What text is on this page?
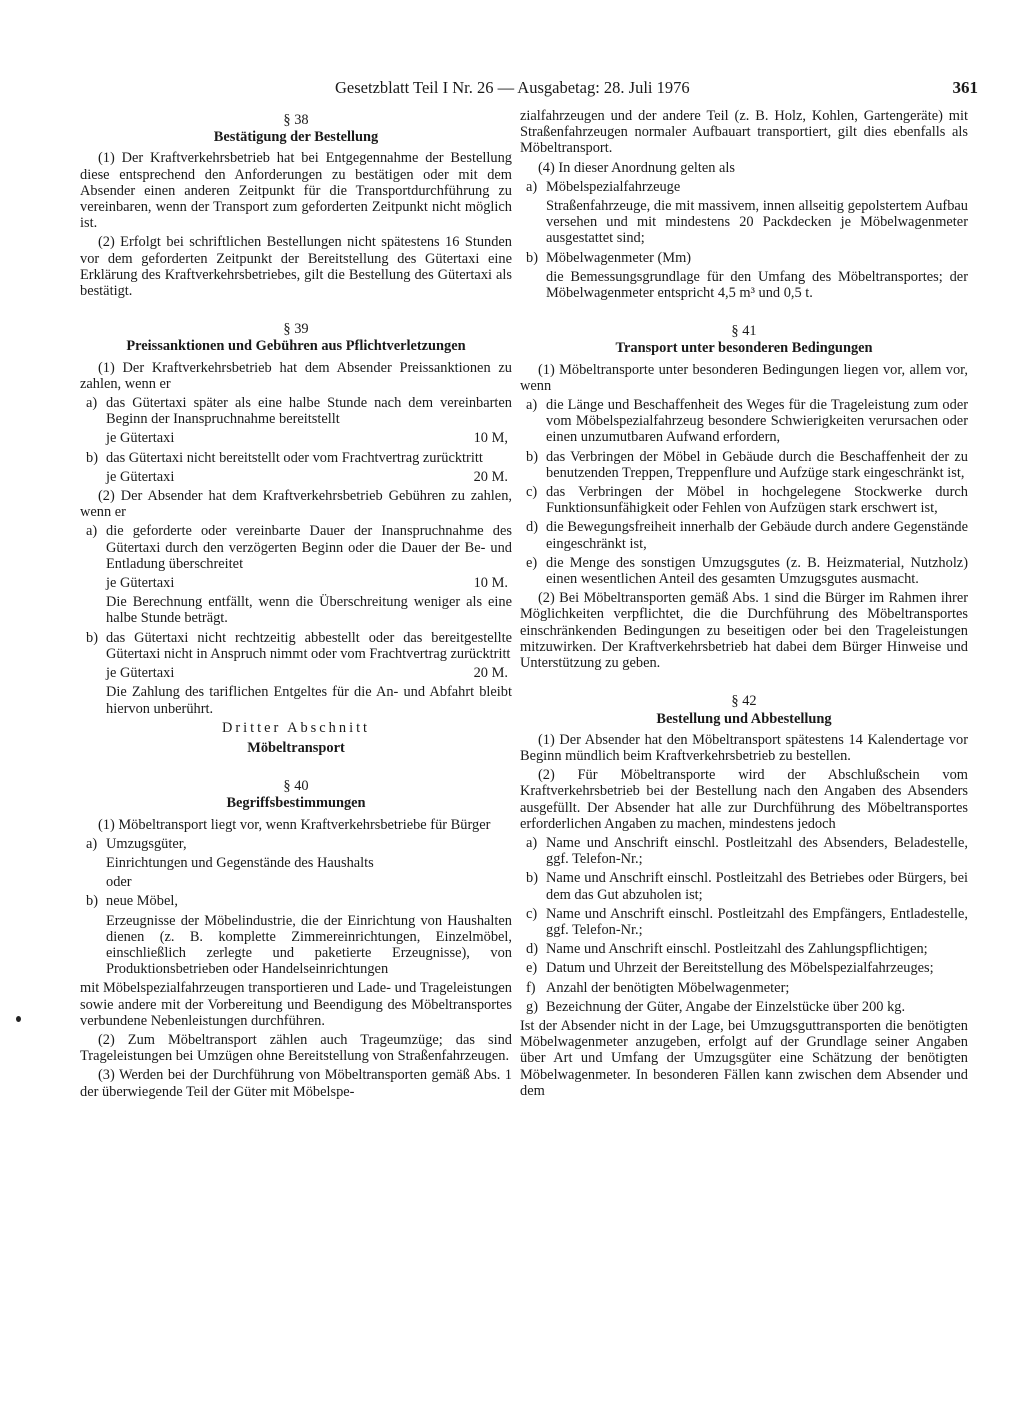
Gesetzblatt Teil I Nr. 26 — Ausgabetag: 28. Juli 1976	361
§ 38
Bestätigung der Bestellung

(1) Der Kraftverkehrsbetrieb hat bei Entgegennahme der Bestellung diese entsprechend den Anforderungen zu bestätigen oder mit dem Absender einen anderen Zeitpunkt für die Transportdurchführung zu vereinbaren, wenn der Transport zum geforderten Zeitpunkt nicht möglich ist.

(2) Erfolgt bei schriftlichen Bestellungen nicht spätestens 16 Stunden vor dem geforderten Zeitpunkt der Bereitstellung des Gütertaxi eine Erklärung des Kraftverkehrsbetriebes, gilt die Bestellung des Gütertaxi als bestätigt.

§ 39
Preissanktionen und Gebühren aus Pflichtverletzungen

(1) Der Kraftverkehrsbetrieb hat dem Absender Preissanktionen zu zahlen, wenn er

a) das Gütertaxi später als eine halbe Stunde nach dem vereinbarten Beginn der Inanspruchnahme bereitstellt
je Gütertaxi	10 M,
b) das Gütertaxi nicht bereitstellt oder vom Frachtvertrag zurücktritt
je Gütertaxi	20 M.

(2) Der Absender hat dem Kraftverkehrsbetrieb Gebühren zu zahlen, wenn er

a) die geforderte oder vereinbarte Dauer der Inanspruchnahme des Gütertaxi durch den verzögerten Beginn oder die Dauer der Be- und Entladung überschreitet
je Gütertaxi	10 M.
Die Berechnung entfällt, wenn die Überschreitung weniger als eine halbe Stunde beträgt.
b) das Gütertaxi nicht rechtzeitig abbestellt oder das bereitgestellte Gütertaxi nicht in Anspruch nimmt oder vom Frachtvertrag zurücktritt
je Gütertaxi	20 M.
Die Zahlung des tariflichen Entgeltes für die An- und Abfahrt bleibt hiervon unberührt.
Dritter Abschnitt
Möbeltransport
§ 40
Begriffsbestimmungen

(1) Möbeltransport liegt vor, wenn Kraftverkehrsbetriebe für Bürger

a) Umzugsgüter,
Einrichtungen und Gegenstände des Haushalts
oder
b) neue Möbel,
Erzeugnisse der Möbelindustrie, die der Einrichtung von Haushalten dienen (z. B. komplette Zimmereinrichtungen, Einzelmöbel, einschließlich zerlegte und paketierte Erzeugnisse), von Produktionsbetrieben oder Handelseinrichtungen

mit Möbelspezialfahrzeugen transportieren und Lade- und Trageleistungen sowie andere mit der Vorbereitung und Beendigung des Möbeltransportes verbundene Nebenleistungen durchführen.

(2) Zum Möbeltransport zählen auch Trageumzüge; das sind Trageleistungen bei Umzügen ohne Bereitstellung von Straßenfahrzeugen.

(3) Werden bei der Durchführung von Möbeltransporten gemäß Abs. 1 der überwiegende Teil der Güter mit Möbelspe-

zialfahrzeugen und der andere Teil (z. B. Holz, Kohlen, Gartengeräte) mit Straßenfahrzeugen normaler Aufbauart transportiert, gilt dies ebenfalls als Möbeltransport.

(4) In dieser Anordnung gelten als

a) Möbelspezialfahrzeuge
Straßenfahrzeuge, die mit massivem, innen allseitig gepolstertem Aufbau versehen und mit mindestens 20 Packdecken je Möbelwagenmeter ausgestattet sind;
b) Möbelwagenmeter (Mm)
die Bemessungsgrundlage für den Umfang des Möbeltransportes; der Möbelwagenmeter entspricht 4,5 m³ und 0,5 t.
§ 41
Transport unter besonderen Bedingungen

(1) Möbeltransporte unter besonderen Bedingungen liegen vor, allem vor, wenn

a) die Länge und Beschaffenheit des Weges für die Trageleistung zum oder vom Möbelspezialfahrzeug besondere Schwierigkeiten verursachen oder einen unzumutbaren Aufwand erfordern,
b) das Verbringen der Möbel in Gebäude durch die Beschaffenheit der zu benutzenden Treppen, Treppenflure und Aufzüge stark eingeschränkt ist,
c) das Verbringen der Möbel in hochgelegene Stockwerke durch Funktionsunfähigkeit oder Fehlen von Aufzügen stark erschwert ist,
d) die Bewegungsfreiheit innerhalb der Gebäude durch andere Gegenstände eingeschränkt ist,
e) die Menge des sonstigen Umzugsgutes (z. B. Heizmaterial, Nutzholz) einen wesentlichen Anteil des gesamten Umzugsgutes ausmacht.

(2) Bei Möbeltransporten gemäß Abs. 1 sind die Bürger im Rahmen ihrer Möglichkeiten verpflichtet, die die Durchführung des Möbeltransportes einschränkenden Bedingungen zu beseitigen oder bei den Trageleistungen mitzuwirken. Der Kraftverkehrsbetrieb hat dabei dem Bürger Hinweise und Unterstützung zu geben.

§ 42
Bestellung und Abbestellung

(1) Der Absender hat den Möbeltransport spätestens 14 Kalendertage vor Beginn mündlich beim Kraftverkehrsbetrieb zu bestellen.

(2) Für Möbeltransporte wird der Abschlußschein vom Kraftverkehrsbetrieb bei der Bestellung nach den Angaben des Absenders ausgefüllt. Der Absender hat alle zur Durchführung des Möbeltransportes erforderlichen Angaben zu machen, mindestens jedoch

a) Name und Anschrift einschl. Postleitzahl des Absenders, Beladestelle, ggf. Telefon-Nr.;
b) Name und Anschrift einschl. Postleitzahl des Betriebes oder Bürgers, bei dem das Gut abzuholen ist;
c) Name und Anschrift einschl. Postleitzahl des Empfängers, Entladestelle, ggf. Telefon-Nr.;
d) Name und Anschrift einschl. Postleitzahl des Zahlungspflichtigen;
e) Datum und Uhrzeit der Bereitstellung des Möbelspezialfahrzeuges;
f) Anzahl der benötigten Möbelwagenmeter;
g) Bezeichnung der Güter, Angabe der Einzelstücke über 200 kg.

Ist der Absender nicht in der Lage, bei Umzugsguttransporten die benötigten Möbelwagenmeter anzugeben, erfolgt auf der Grundlage seiner Angaben über Art und Umfang der Umzugsgüter eine Schätzung der benötigten Möbelwagenmeter. In besonderen Fällen kann zwischen dem Absender und dem
